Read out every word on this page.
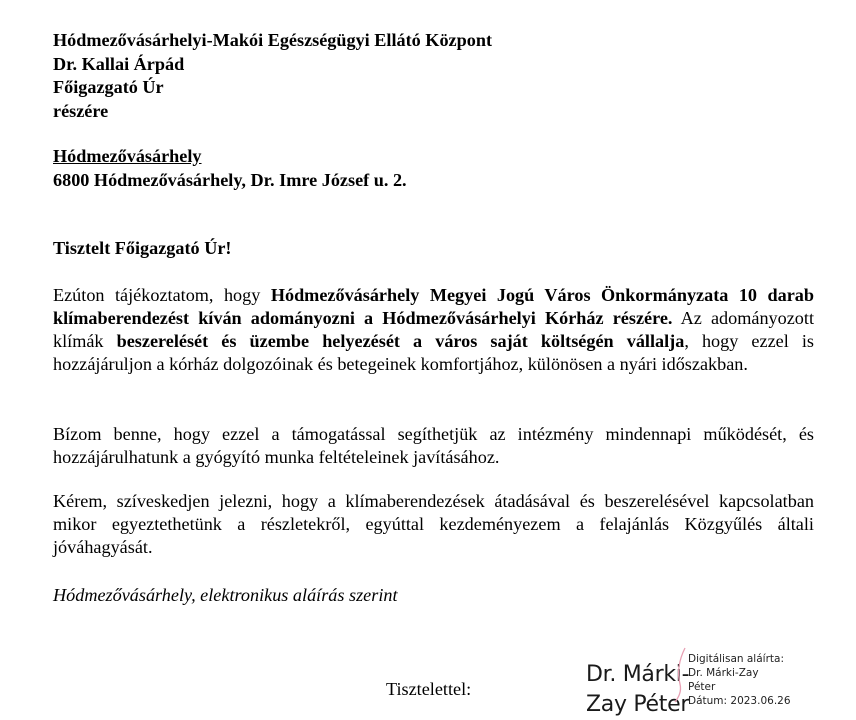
Hódmezővásárhelyi-Makói Egészségügyi Ellátó Központ
Dr. Kallai Árpád
Főigazgató Úr
részére
Hódmezővásárhely
6800 Hódmezővásárhely, Dr. Imre József u. 2.
Tisztelt Főigazgató Úr!
Ezúton tájékoztatom, hogy Hódmezővásárhely Megyei Jogú Város Önkormányzata 10 darab klímaberendezést kíván adományozni a Hódmezővásárhelyi Kórház részére. Az adományozott klímák beszerelését és üzembe helyezését a város saját költségén vállalja, hogy ezzel is hozzájáruljon a kórház dolgozóinak és betegeinek komfortjához, különösen a nyári időszakban.
Bízom benne, hogy ezzel a támogatással segíthetjük az intézmény mindennapi működését, és hozzájárulhatunk a gyógyító munka feltételeinek javításához.
Kérem, szíveskedjen jelezni, hogy a klímaberendezések átadásával és beszerelésével kapcsolatban mikor egyeztethetünk a részletekről, egyúttal kezdeményezem a felajánlás Közgyűlés általi jóváhagyását.
Hódmezővásárhely, elektronikus aláírás szerint
Tisztelettel:
Dr. Márki-
Zay Péter
Digitálisan aláírta:
Dr. Márki-Zay
Péter
Dátum: 2023.06.26
